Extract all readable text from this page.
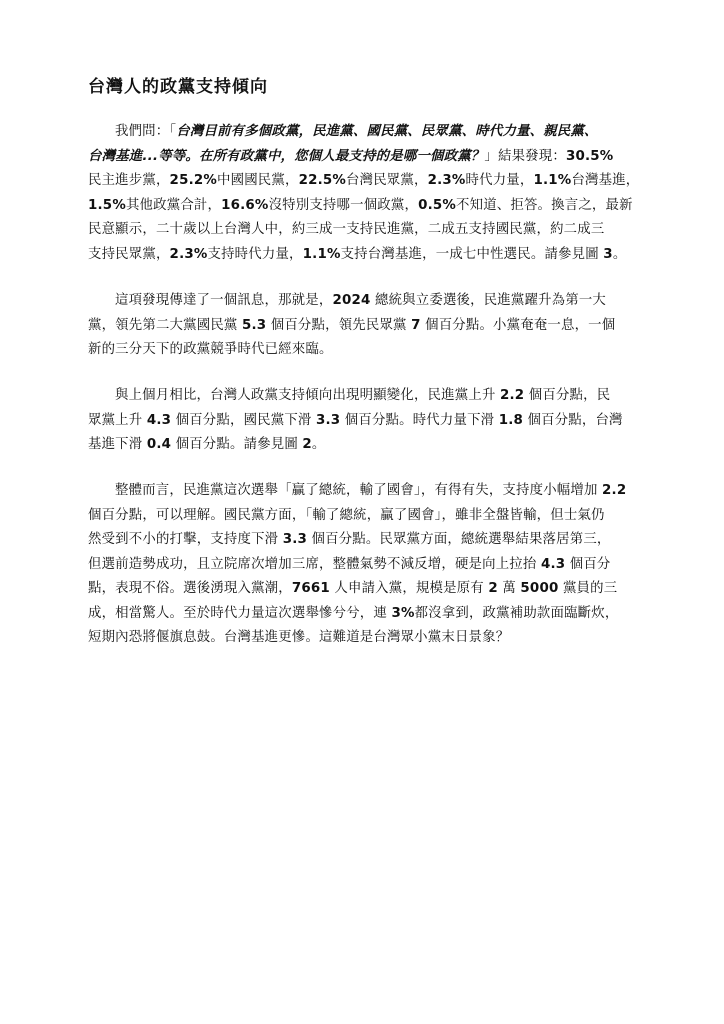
台灣人的政黨支持傾向
我們問：「台灣目前有多個政黨，民進黨、國民黨、民眾黨、時代力量、親民黨、
台灣基進...等等。在所有政黨中，您個人最支持的是哪一個政黨？」結果發現：30.5%
民主進步黨，25.2%中國國民黨，22.5%台灣民眾黨，2.3%時代力量，1.1%台灣基進，
1.5%其他政黨合計，16.6%沒特別支持哪一個政黨，0.5%不知道、拒答。換言之，最新
民意顯示，二十歲以上台灣人中，約三成一支持民進黨，二成五支持國民黨，約二成三
支持民眾黨，2.3%支持時代力量，1.1%支持台灣基進，一成七中性選民。請參見圖 3。
這項發現傳達了一個訊息，那就是，2024 總統與立委選後，民進黨躍升為第一大
黨，領先第二大黨國民黨 5.3 個百分點，領先民眾黨 7 個百分點。小黨奄奄一息，一個
新的三分天下的政黨競爭時代已經來臨。
與上個月相比，台灣人政黨支持傾向出現明顯變化，民進黨上升 2.2 個百分點，民
眾黨上升 4.3 個百分點，國民黨下滑 3.3 個百分點。時代力量下滑 1.8 個百分點，台灣
基進下滑 0.4 個百分點。請參見圖 2。
整體而言，民進黨這次選舉「贏了總統，輸了國會」，有得有失，支持度小幅增加 2.2
個百分點，可以理解。國民黨方面，「輸了總統，贏了國會」，雖非全盤皆輸，但士氣仍
然受到不小的打擊，支持度下滑 3.3 個百分點。民眾黨方面，總統選舉結果落居第三，
但選前造勢成功，且立院席次增加三席，整體氣勢不減反增，硬是向上拉抬 4.3 個百分
點，表現不俗。選後湧現入黨潮，7661 人申請入黨，規模是原有 2 萬 5000 黨員的三
成，相當驚人。至於時代力量這次選舉慘兮兮，連 3%都沒拿到，政黨補助款面臨斷炊，
短期內恐將偃旗息鼓。台灣基進更慘。這難道是台灣眾小黨末日景象？
